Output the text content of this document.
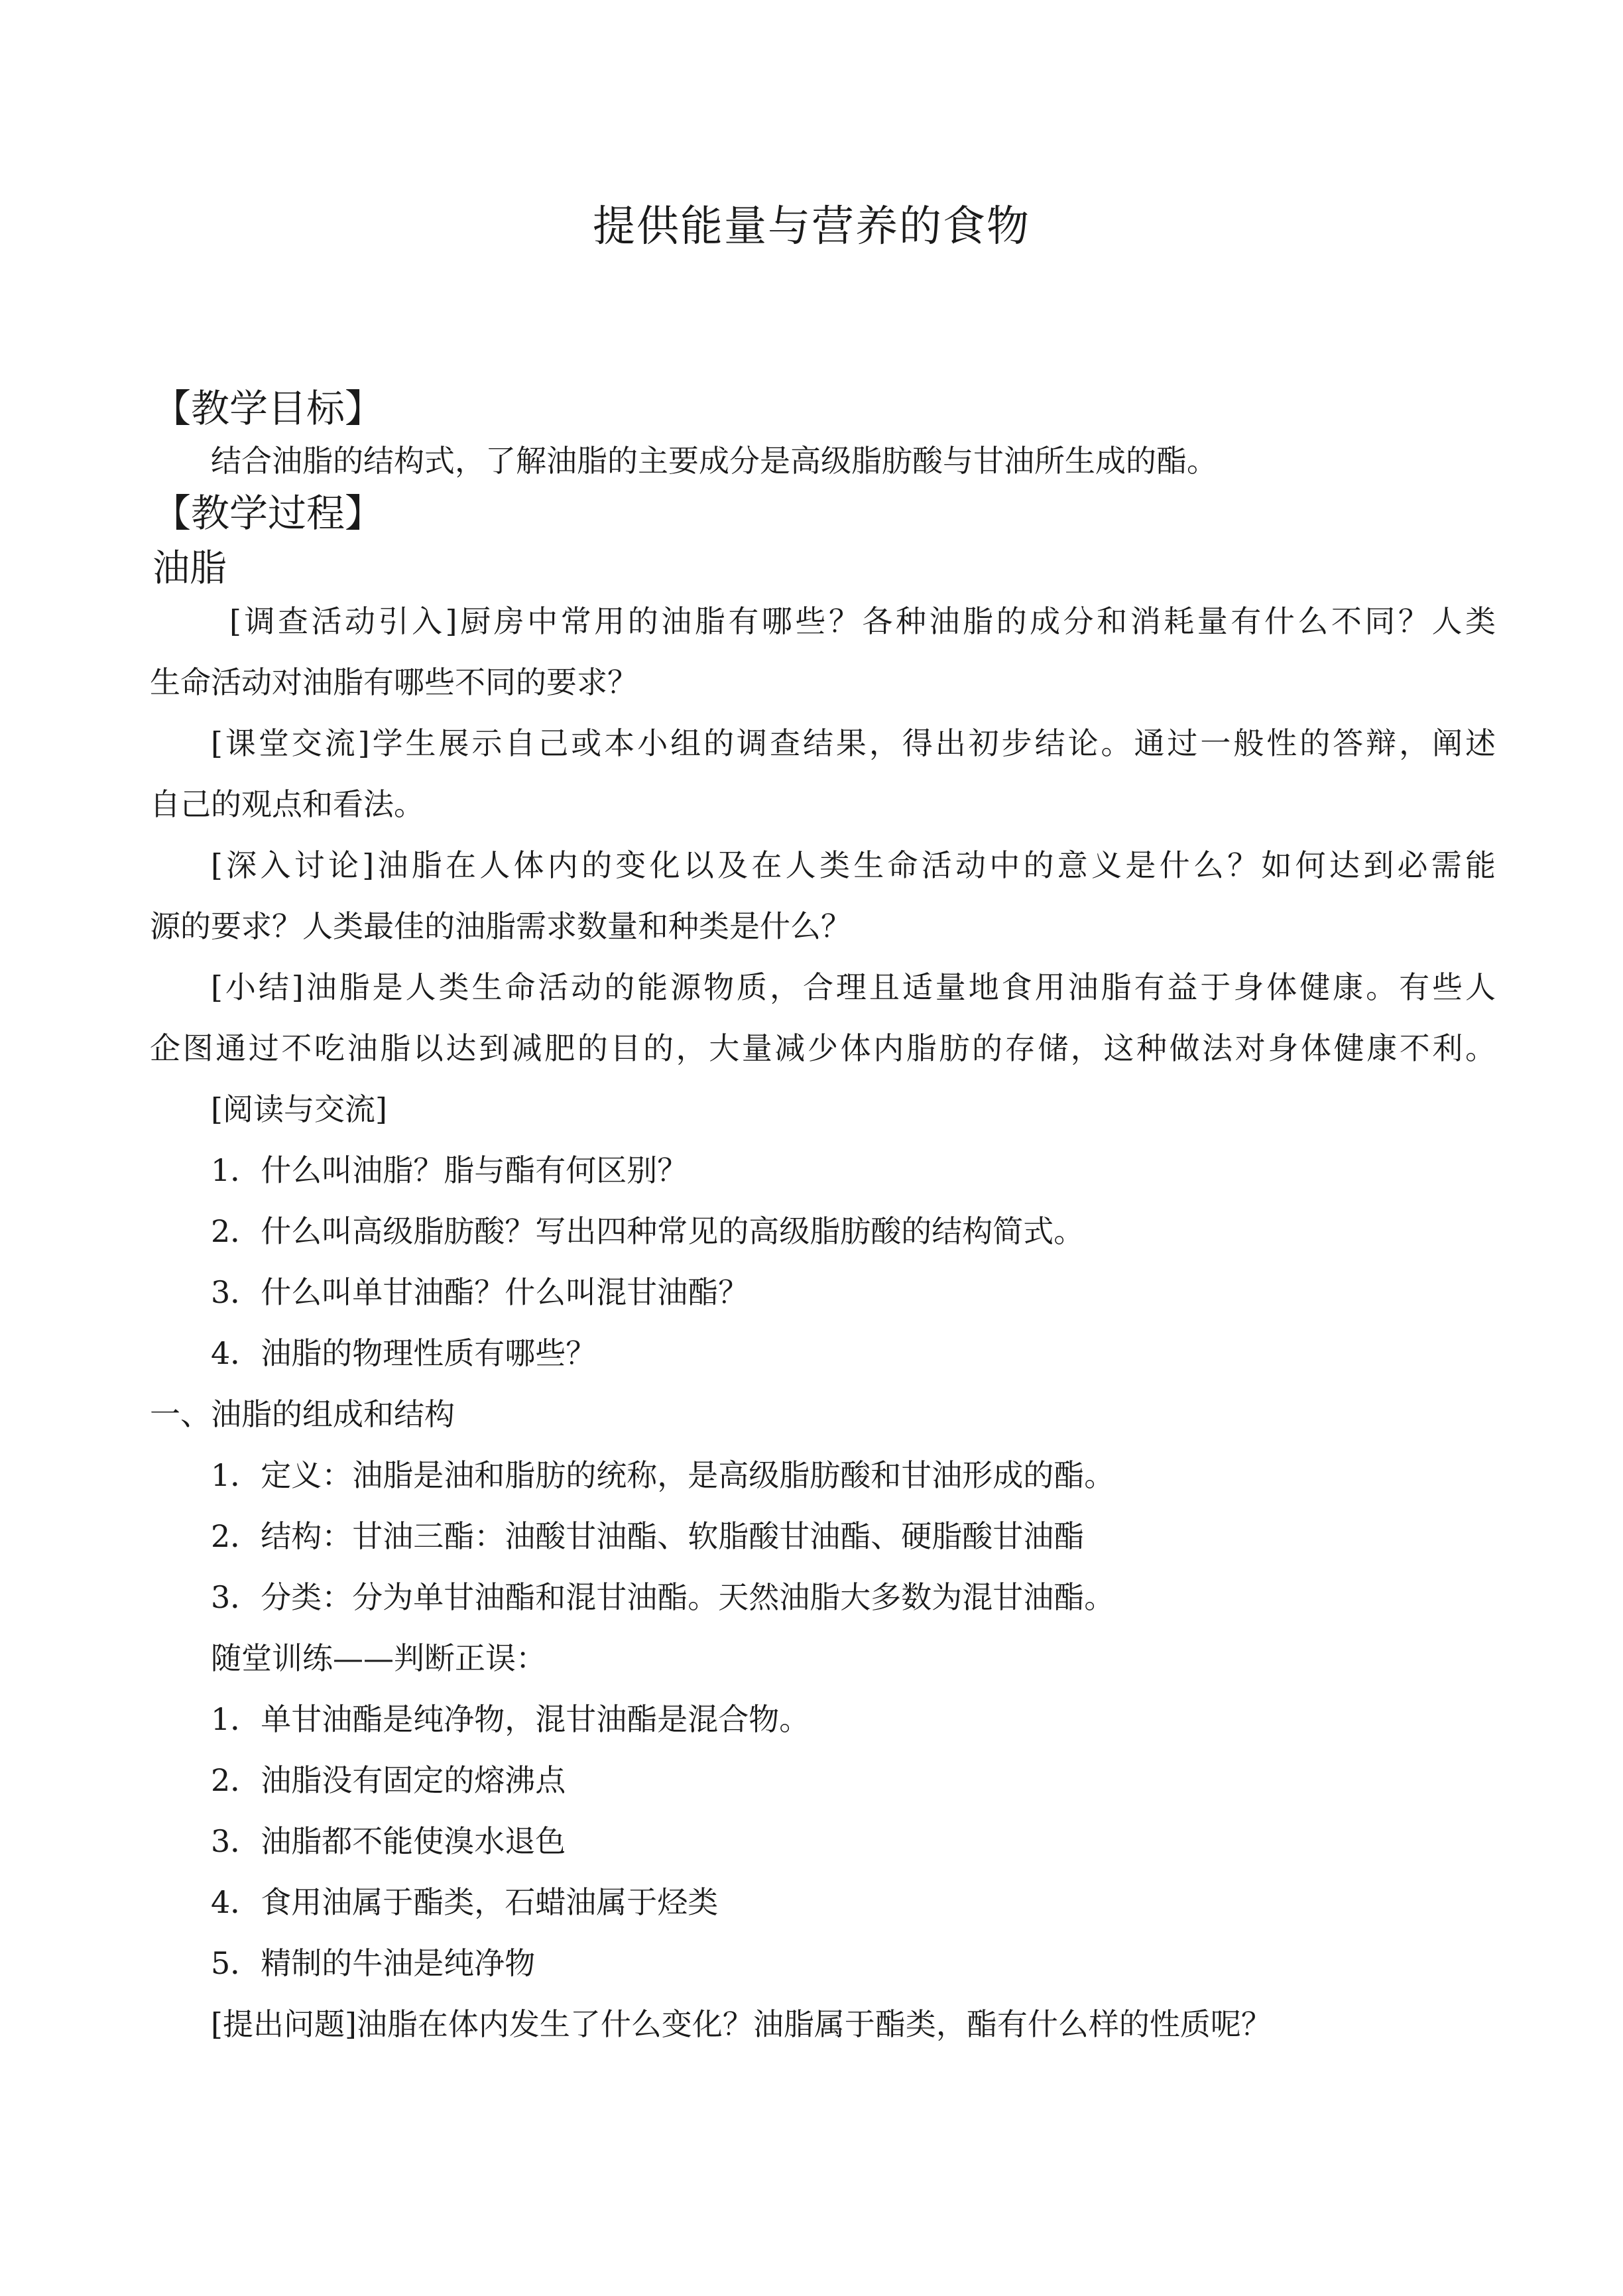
提供能量与营养的食物
【教学目标】

结合油脂的结构式，了解油脂的主要成分是高级脂肪酸与甘油所生成的酯。

【教学过程】
油脂
[调查活动引入]厨房中常用的油脂有哪些？各种油脂的成分和消耗量有什么不同？人类
生命活动对油脂有哪些不同的要求？
[课堂交流]学生展示自己或本小组的调查结果，得出初步结论。通过一般性的答辩，阐述
自己的观点和看法。
[深入讨论]油脂在人体内的变化以及在人类生命活动中的意义是什么？如何达到必需能
源的要求？人类最佳的油脂需求数量和种类是什么？
[小结]油脂是人类生命活动的能源物质，合理且适量地食用油脂有益于身体健康。有些人
企图通过不吃油脂以达到减肥的目的，大量减少体内脂肪的存储，这种做法对身体健康不利。

[阅读与交流]

1．什么叫油脂？脂与酯有何区别？

2．什么叫高级脂肪酸？写出四种常见的高级脂肪酸的结构简式。

3．什么叫单甘油酯？什么叫混甘油酯？

4．油脂的物理性质有哪些？

一、油脂的组成和结构

1．定义：油脂是油和脂肪的统称，是高级脂肪酸和甘油形成的酯。

2．结构：甘油三酯：油酸甘油酯、软脂酸甘油酯、硬脂酸甘油酯

3．分类：分为单甘油酯和混甘油酯。天然油脂大多数为混甘油酯。

随堂训练——判断正误：

1．单甘油酯是纯净物，混甘油酯是混合物。

2．油脂没有固定的熔沸点

3．油脂都不能使溴水退色

4．食用油属于酯类，石蜡油属于烃类

5．精制的牛油是纯净物

[提出问题]油脂在体内发生了什么变化？油脂属于酯类，酯有什么样的性质呢？
